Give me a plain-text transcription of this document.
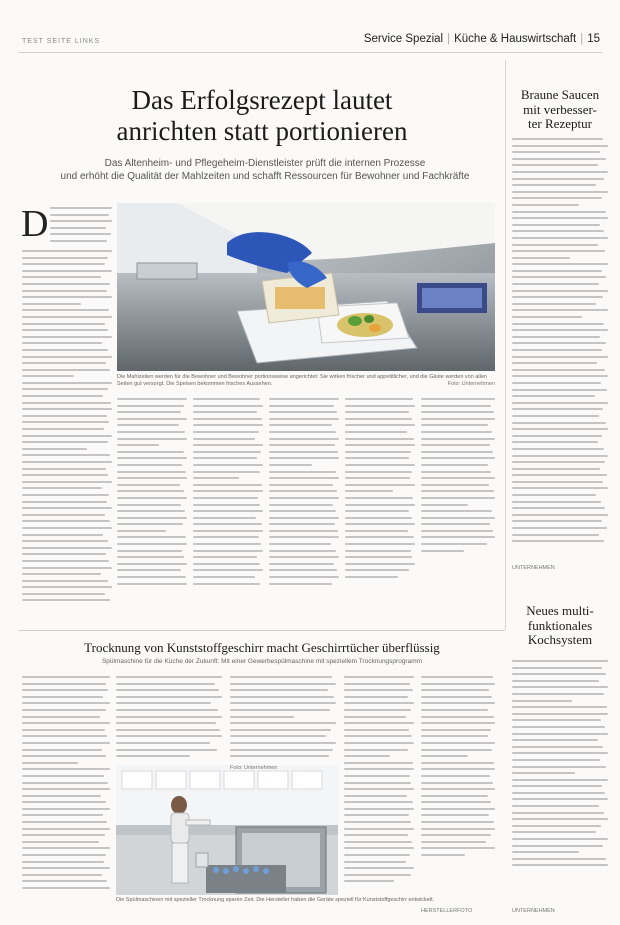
TEST SEITE LINKS	Service Spezial | Küche & Hauswirtschaft | 15
Das Erfolgsrezept lautet
anrichten statt portionieren
Das Altenheim- und Pflegeheim-Dienstleister prüft die internen Prozesse
und erhöht die Qualität der Mahlzeiten und schafft Ressourcen für Bewohner und Fachkräfte
Braune Saucen
mit verbesser-
ter Rezeptur
UNTERNEHMEN
D
Die Mahlzeiten werden für die Bewohner und Bewohner portionsweise angerichtet: Sie wirken frischer und appetitlicher, und die Gäste werden von allen Seiten gut versorgt. Die Speisen bekommen frisches Aussehen.	Foto: Unternehmen
Neues multi-
funktionales
Kochsystem
UNTERNEHMEN
Trocknung von Kunststoffgeschirr macht Geschirrtücher überflüssig
Spülmaschine für die Küche der Zukunft: Mit einer Gewerbespülmaschine mit speziellem Trocknungsprogramm
Die Spülmaschinen mit spezieller Trocknung sparen Zeit. Die Hersteller haben die Geräte speziell für Kunststoffgeschirr entwickelt.
HERSTELLERFOTO
Foto: Unternehmen
